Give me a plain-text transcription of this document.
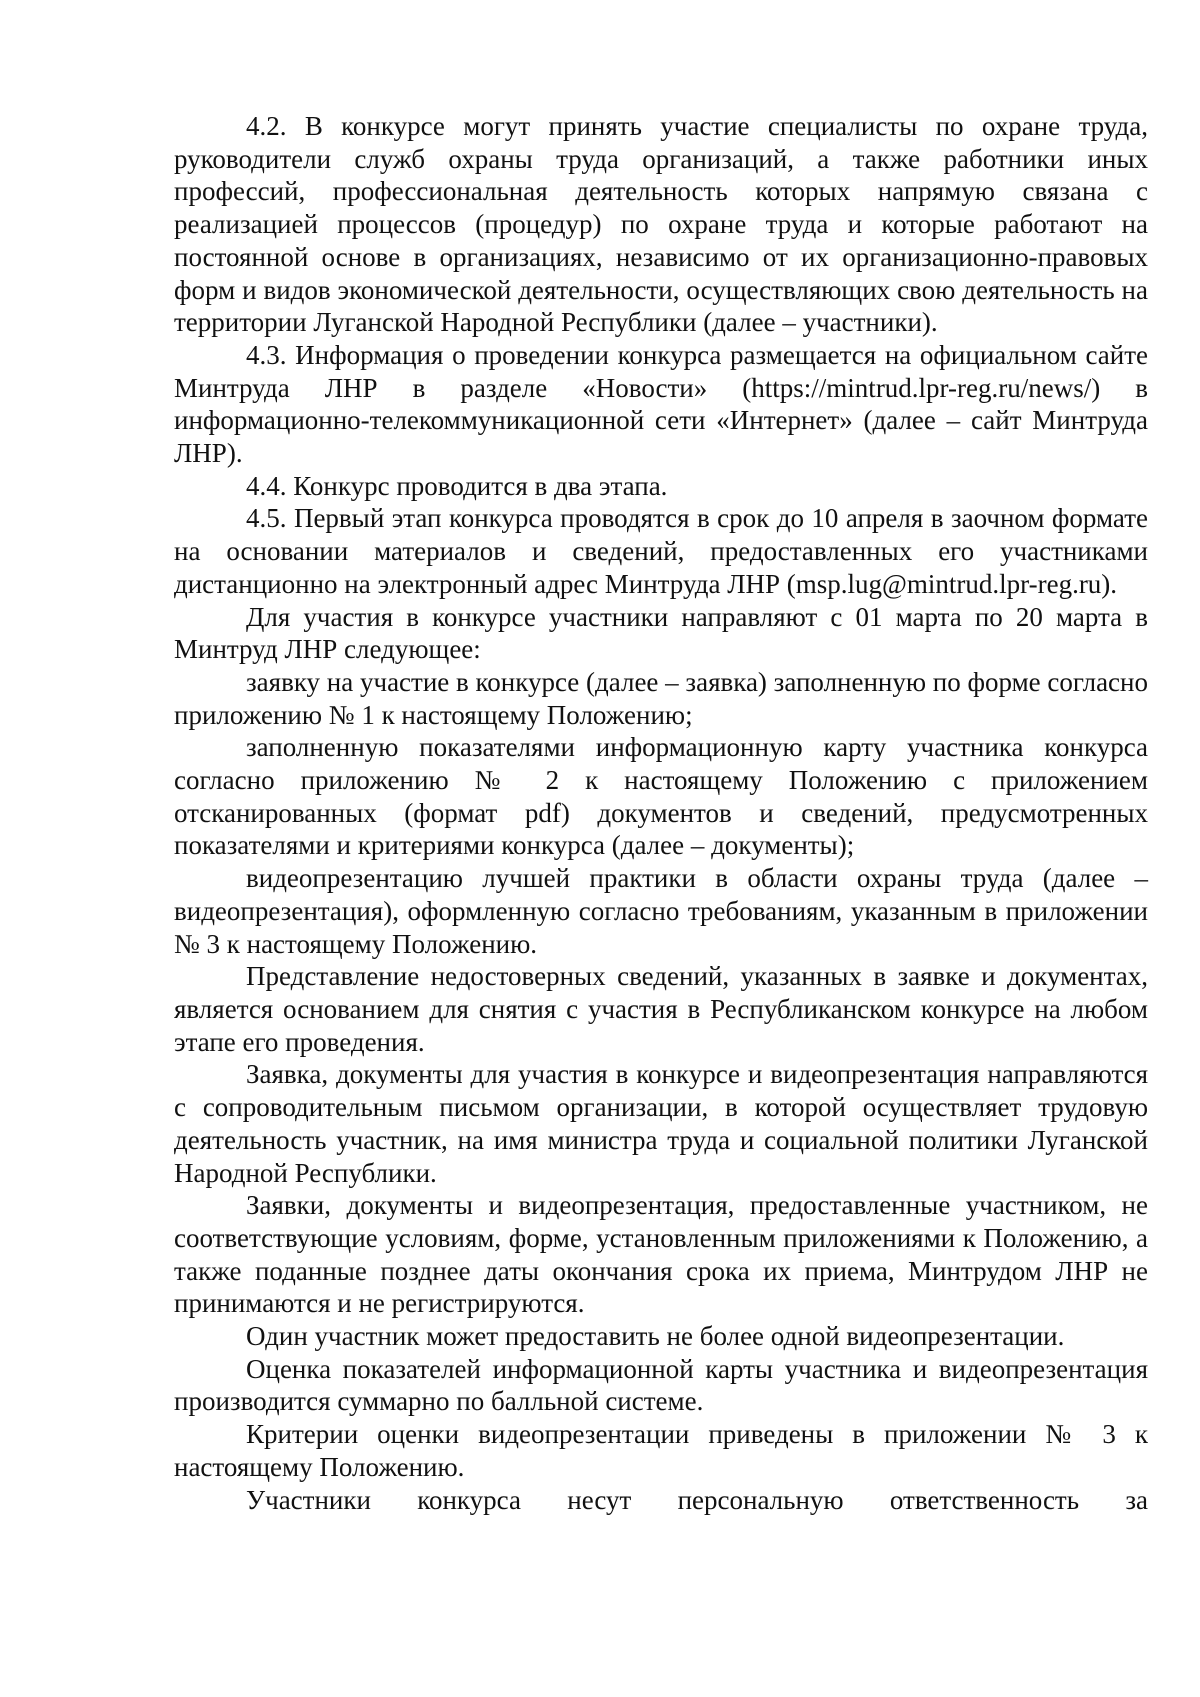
4.2. В конкурсе могут принять участие специалисты по охране труда, руководители служб охраны труда организаций, а также работники иных профессий, профессиональная деятельность которых напрямую связана с реализацией процессов (процедур) по охране труда и которые работают на постоянной основе в организациях, независимо от их организационно-правовых форм и видов экономической деятельности, осуществляющих свою деятельность на территории Луганской Народной Республики (далее – участники).

4.3. Информация о проведении конкурса размещается на официальном сайте Минтруда ЛНР в разделе «Новости» (https://mintrud.lpr-reg.ru/news/) в информационно-телекоммуникационной сети «Интернет» (далее – сайт Минтруда ЛНР).

4.4. Конкурс проводится в два этапа.

4.5. Первый этап конкурса проводятся в срок до 10 апреля в заочном формате на основании материалов и сведений, предоставленных его участниками дистанционно на электронный адрес Минтруда ЛНР (msp.lug@mintrud.lpr-reg.ru).

Для участия в конкурсе участники направляют с 01 марта по 20 марта в Минтруд ЛНР следующее:

заявку на участие в конкурсе (далее – заявка) заполненную по форме согласно приложению № 1 к настоящему Положению;

заполненную показателями информационную карту участника конкурса согласно приложению № 2 к настоящему Положению с приложением отсканированных (формат pdf) документов и сведений, предусмотренных показателями и критериями конкурса (далее – документы);

видеопрезентацию лучшей практики в области охраны труда (далее – видеопрезентация), оформленную согласно требованиям, указанным в приложении № 3 к настоящему Положению.

Представление недостоверных сведений, указанных в заявке и документах, является основанием для снятия с участия в Республиканском конкурсе на любом этапе его проведения.

Заявка, документы для участия в конкурсе и видеопрезентация направляются с сопроводительным письмом организации, в которой осуществляет трудовую деятельность участник, на имя министра труда и социальной политики Луганской Народной Республики.

Заявки, документы и видеопрезентация, предоставленные участником, не соответствующие условиям, форме, установленным приложениями к Положению, а также поданные позднее даты окончания срока их приема, Минтрудом ЛНР не принимаются и не регистрируются.

Один участник может предоставить не более одной видеопрезентации.

Оценка показателей информационной карты участника и видеопрезентация производится суммарно по балльной системе.

Критерии оценки видеопрезентации приведены в приложении № 3 к настоящему Положению.

Участники конкурса несут персональную ответственность за
